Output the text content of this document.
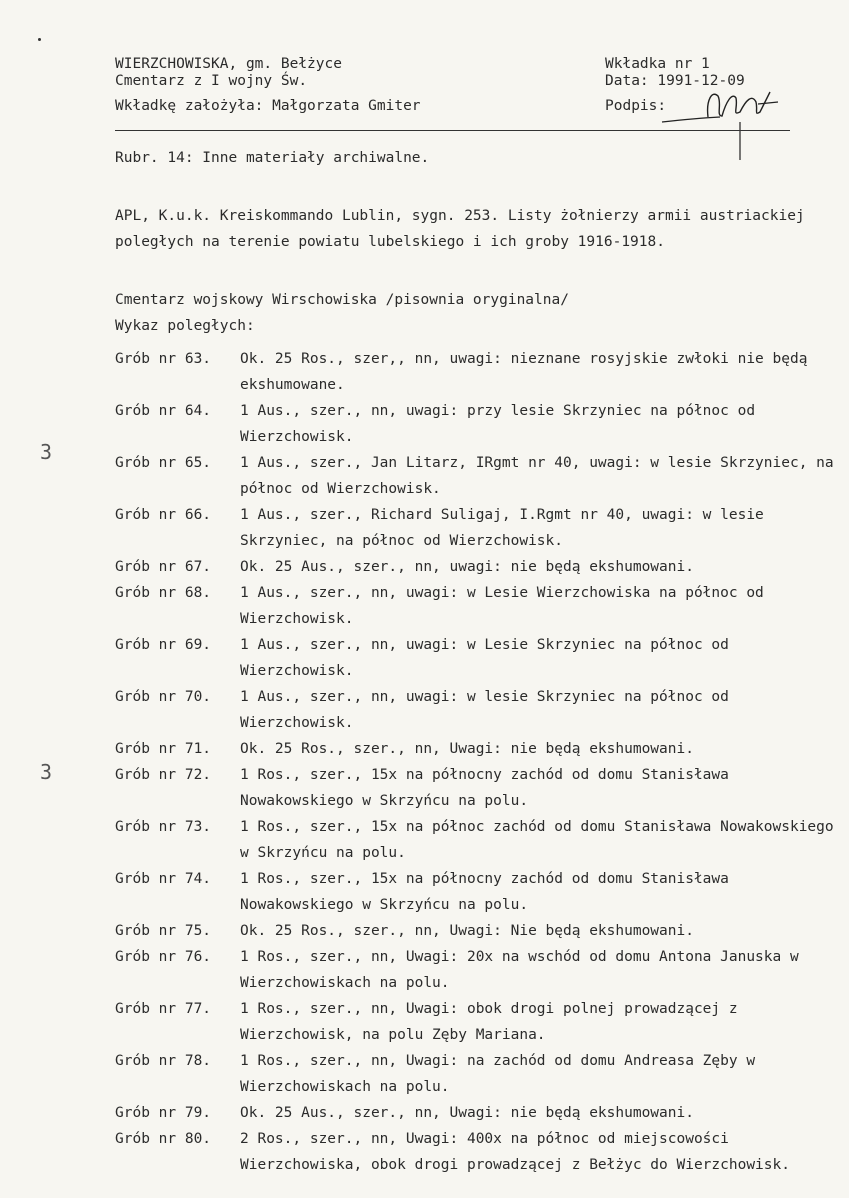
WIERZCHOWISKA, gm. Bełżyce
Cmentarz z I wojny Św.
Wkładkę założyła: Małgorzata Gmiter
Wkładka nr 1
Data: 1991-12-09
Podpis:
Rubr. 14: Inne materiały archiwalne.
APL, K.u.k. Kreiskommando Lublin, sygn. 253. Listy żołnierzy armii austriackiej poległych na terenie powiatu lubelskiego i ich groby 1916-1918.
Cmentarz wojskowy Wirschowiska /pisownia oryginalna/
Wykaz poległych:
3
3
Grób nr 63.	Ok. 25 Ros., szer,, nn, uwagi: nieznane rosyjskie zwłoki nie będą ekshumowane.
Grób nr 64.	1 Aus., szer., nn, uwagi: przy lesie Skrzyniec na północ od Wierzchowisk.
Grób nr 65.	1 Aus., szer., Jan Litarz, IRgmt nr 40, uwagi: w lesie Skrzyniec, na północ od Wierzchowisk.
Grób nr 66.	1 Aus., szer., Richard Suligaj, I.Rgmt nr 40, uwagi: w lesie Skrzyniec, na północ od Wierzchowisk.
Grób nr 67.	Ok. 25 Aus., szer., nn, uwagi: nie będą ekshumowani.
Grób nr 68.	1 Aus., szer., nn, uwagi: w Lesie Wierzchowiska na północ od Wierzchowisk.
Grób nr 69.	1 Aus., szer., nn, uwagi: w Lesie Skrzyniec na północ od Wierzchowisk.
Grób nr 70.	1 Aus., szer., nn, uwagi: w lesie Skrzyniec na północ od Wierzchowisk.
Grób nr 71.	Ok. 25 Ros., szer., nn, Uwagi: nie będą ekshumowani.
Grób nr 72.	1 Ros., szer., 15x na północny zachód od domu Stanisława Nowakowskiego w Skrzyńcu na polu.
Grób nr 73.	1 Ros., szer., 15x na północ zachód od domu Stanisława Nowakowskiego w Skrzyńcu na polu.
Grób nr 74.	1 Ros., szer., 15x na północny zachód od domu Stanisława Nowakowskiego w Skrzyńcu na polu.
Grób nr 75.	Ok. 25 Ros., szer., nn, Uwagi: Nie będą ekshumowani.
Grób nr 76.	1 Ros., szer., nn, Uwagi: 20x na wschód od domu Antona Januska w Wierzchowiskach na polu.
Grób nr 77.	1 Ros., szer., nn, Uwagi: obok drogi polnej prowadzącej z Wierzchowisk, na polu Zęby Mariana.
Grób nr 78.	1 Ros., szer., nn, Uwagi: na zachód od domu Andreasa Zęby w Wierzchowiskach na polu.
Grób nr 79.	Ok. 25 Aus., szer., nn, Uwagi: nie będą ekshumowani.
Grób nr 80.	2 Ros., szer., nn, Uwagi: 400x na północ od miejscowości Wierzchowiska, obok drogi prowadzącej z Bełżyc do Wierzchowisk.
